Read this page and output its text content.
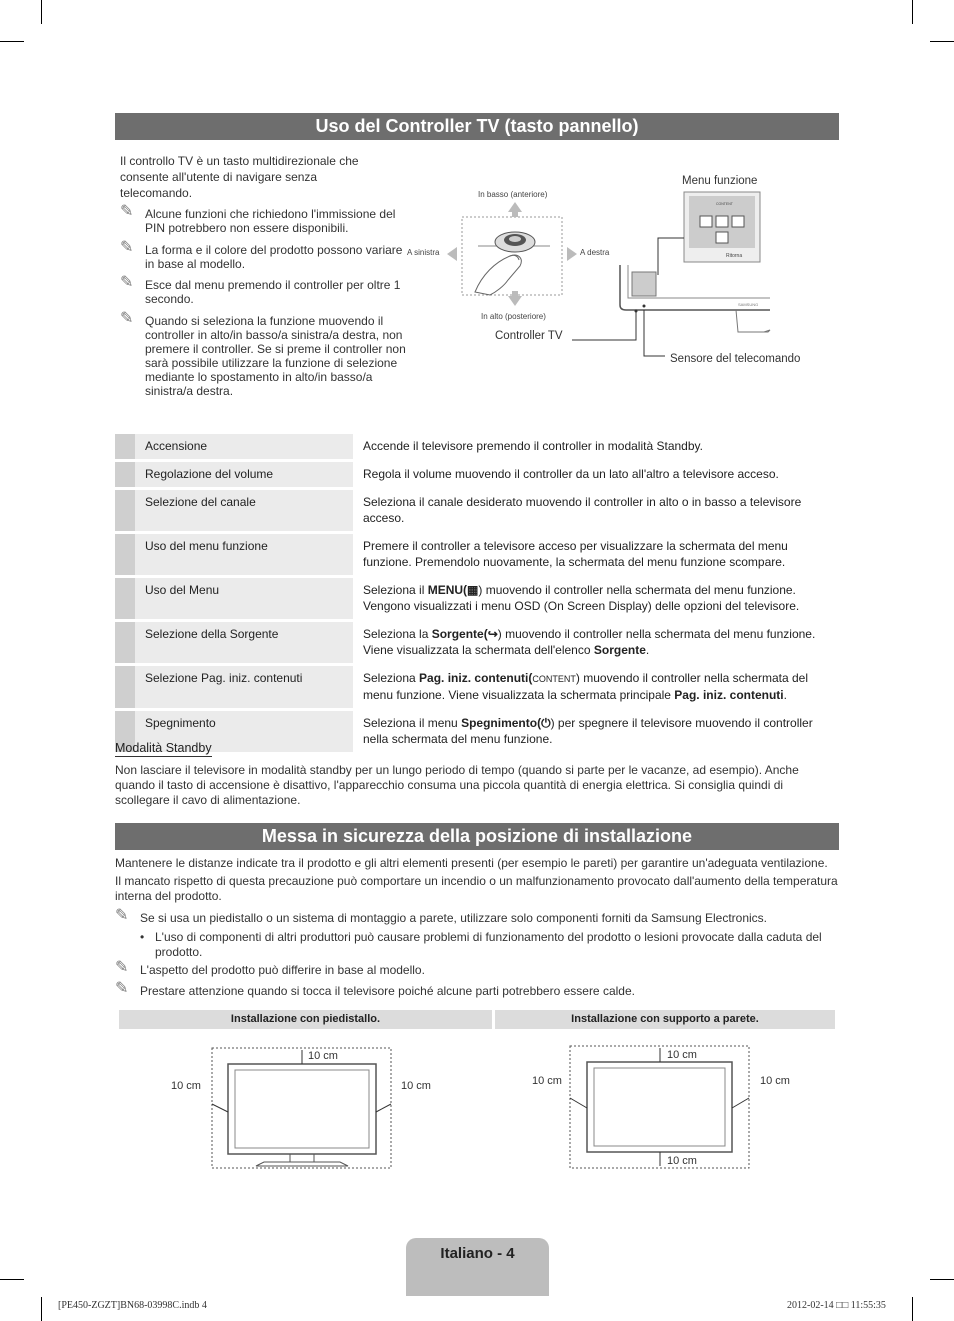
Uso del Controller TV (tasto pannello)
Il controllo TV è un tasto multidirezionale che consente all'utente di navigare senza telecomando.
✎ Alcune funzioni che richiedono l'immissione del PIN potrebbero non essere disponibili.
✎ La forma e il colore del prodotto possono variare in base al modello.
✎ Esce dal menu premendo il controller per oltre 1 secondo.
✎ Quando si seleziona la funzione muovendo il controller in alto/in basso/a sinistra/a destra, non premere il controller. Se si preme il controller non sarà possibile utilizzare la funzione di selezione mediante lo spostamento in alto/in basso/a sinistra/a destra.
SAMSUNG
CONTENT
Ritorna
In basso (anteriore)
In alto (posteriore)
A sinistra	A destra
Controller TV
Menu funzione
Sensore del telecomando
	Accensione		Accende il televisore premendo il controller in modalità Standby.
	Regolazione del volume		Regola il volume muovendo il controller da un lato all'altro a televisore acceso.
	Selezione del canale		Seleziona il canale desiderato muovendo il controller in alto o in basso a televisore acceso.
	Uso del menu funzione		Premere il controller a televisore acceso per visualizzare la schermata del menu funzione. Premendolo nuovamente, la schermata del menu funzione scompare.
	Uso del Menu		Seleziona il MENU(▦) muovendo il controller nella schermata del menu funzione. Vengono visualizzati i menu OSD (On Screen Display) delle opzioni del televisore.
	Selezione della Sorgente		Seleziona la Sorgente(↪) muovendo il controller nella schermata del menu funzione. Viene visualizzata la schermata dell'elenco Sorgente.
	Selezione Pag. iniz. contenuti		Seleziona Pag. iniz. contenuti(CONTENT) muovendo il controller nella schermata del menu funzione. Viene visualizzata la schermata principale Pag. iniz. contenuti.
	Spegnimento		Seleziona il menu Spegnimento(⏻) per spegnere il televisore muovendo il controller nella schermata del menu funzione.
Modalità Standby
Non lasciare il televisore in modalità standby per un lungo periodo di tempo (quando si parte per le vacanze, ad esempio). Anche quando il tasto di accensione è disattivo, l'apparecchio consuma una piccola quantità di energia elettrica. Si consiglia quindi di scollegare il cavo di alimentazione.
Messa in sicurezza della posizione di installazione
Mantenere le distanze indicate tra il prodotto e gli altri elementi presenti (per esempio le pareti) per garantire un'adeguata ventilazione.
Il mancato rispetto di questa precauzione può comportare un incendio o un malfunzionamento provocato dall'aumento della temperatura interna del prodotto.
✎ Se si usa un piedistallo o un sistema di montaggio a parete, utilizzare solo componenti forniti da Samsung Electronics.
• L'uso di componenti di altri produttori può causare problemi di funzionamento del prodotto o lesioni provocate dalla caduta del prodotto.
✎ L'aspetto del prodotto può differire in base al modello.
✎ Prestare attenzione quando si tocca il televisore poiché alcune parti potrebbero essere calde.
Installazione con piedistallo.	Installazione con supporto a parete.
10 cm
10 cm	10 cm
10 cm
10 cm	10 cm
10 cm
Italiano - 4
[PE450-ZGZT]BN68-03998C.indb 4	2012-02-14 □□ 11:55:35
